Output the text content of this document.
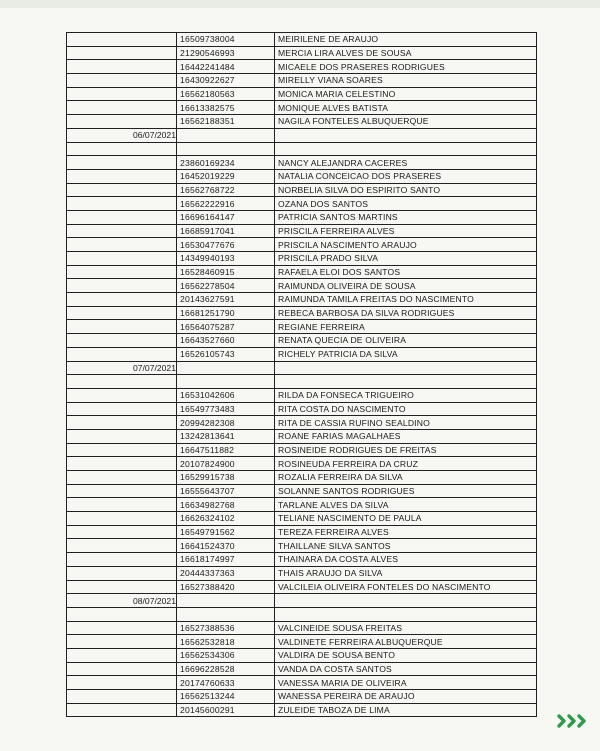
	16509738004	MEIRILENE DE ARAUJO
	21290546993	MERCIA LIRA ALVES DE SOUSA
	16442241484	MICAELE DOS PRASERES RODRIGUES
	16430922627	MIRELLY VIANA SOARES
	16562180563	MONICA MARIA CELESTINO
	16613382575	MONIQUE ALVES BATISTA
	16562188351	NAGILA FONTELES ALBUQUERQUE
06/07/2021		

	23860169234	NANCY ALEJANDRA CACERES
	16452019229	NATALIA CONCEICAO DOS PRASERES
	16562768722	NORBELIA SILVA DO ESPIRITO SANTO
	16562222916	OZANA DOS SANTOS
	16696164147	PATRICIA SANTOS MARTINS
	16685917041	PRISCILA FERREIRA ALVES
	16530477676	PRISCILA NASCIMENTO ARAUJO
	14349940193	PRISCILA PRADO SILVA
	16528460915	RAFAELA ELOI DOS SANTOS
	16562278504	RAIMUNDA OLIVEIRA DE SOUSA
	20143627591	RAIMUNDA TAMILA FREITAS DO NASCIMENTO
	16681251790	REBECA BARBOSA DA SILVA RODRIGUES
	16564075287	REGIANE FERREIRA
	16643527660	RENATA QUECIA DE OLIVEIRA
	16526105743	RICHELY PATRICIA DA SILVA
07/07/2021		

	16531042606	RILDA DA FONSECA TRIGUEIRO
	16549773483	RITA COSTA DO NASCIMENTO
	20994282308	RITA DE CASSIA RUFINO SEALDINO
	13242813641	ROANE FARIAS MAGALHAES
	16647511882	ROSINEIDE RODRIGUES DE FREITAS
	20107824900	ROSINEUDA FERREIRA DA CRUZ
	16529915738	ROZALIA FERREIRA DA SILVA
	16555643707	SOLANNE SANTOS RODRIGUES
	16634982768	TARLANE ALVES DA SILVA
	16626324102	TELIANE NASCIMENTO DE PAULA
	16549791562	TEREZA FERREIRA ALVES
	16641524370	THAILLANE SILVA SANTOS
	16618174997	THAINARA DA COSTA ALVES
	20444337363	THAIS ARAUJO DA SILVA
	16527388420	VALCILEIA OLIVEIRA FONTELES DO NASCIMENTO
08/07/2021		

	16527388536	VALCINEIDE SOUSA FREITAS
	16562532818	VALDINETE FERREIRA ALBUQUERQUE
	16562534306	VALDIRA DE SOUSA BENTO
	16696228528	VANDA DA COSTA SANTOS
	20174760633	VANESSA MARIA DE OLIVEIRA
	16562513244	WANESSA PEREIRA DE ARAUJO
	20145600291	ZULEIDE TABOZA DE LIMA
